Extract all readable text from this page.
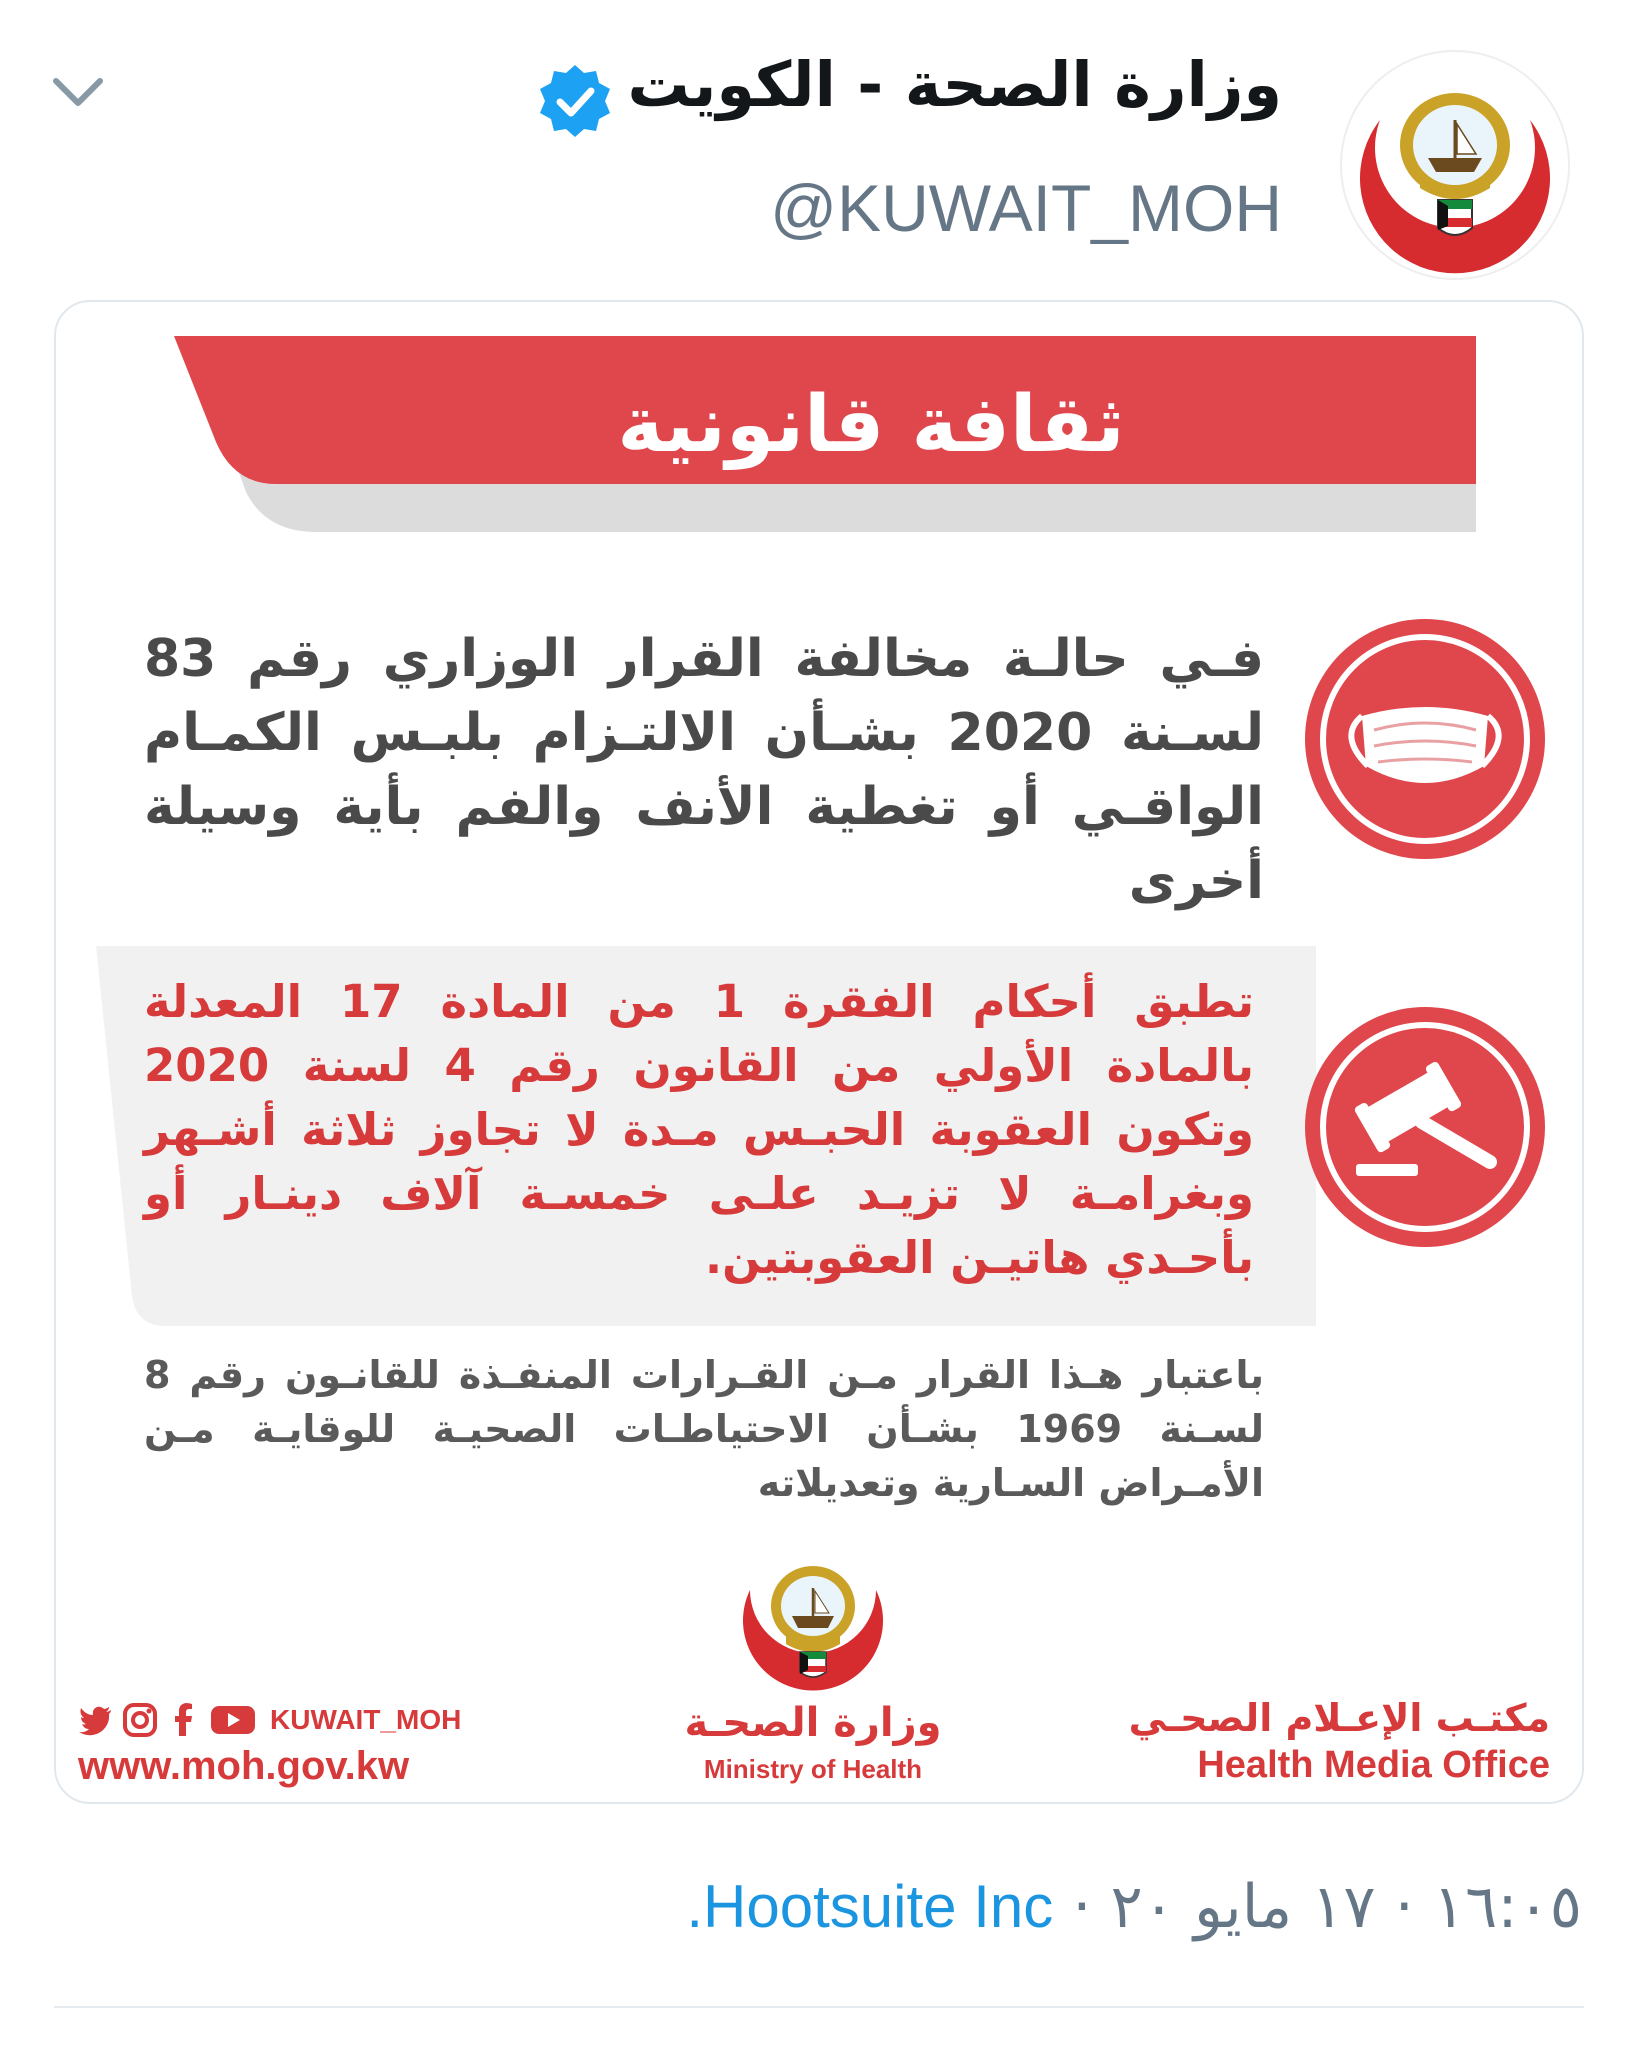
وزارة الصحة - الكويت
@KUWAIT_MOH
ثقافة قانونية
فـي حالـة مخالفة القرار الوزاري رقم 83 لسـنة 2020 بشـأن الالتـزام بلبـس الكمـام الواقـي أو تغطية الأنف والفم بأية وسيلة أخرى
تطبق أحكام الفقرة 1 من المادة 17 المعدلة بالمادة الأولي من القانون رقم 4 لسنة 2020 وتكون العقوبة الحبـس مـدة لا تجاوز ثلاثة أشـهر وبغرامـة لا تزيـد علـى خمسـة آلاف دينـار أو بأحـدي هاتيـن العقوبتين.
باعتبار هـذا القرار مـن القـرارات المنفـذة للقانـون رقم 8 لسـنة 1969 بشـأن الاحتياطـات الصحيـة للوقايـة مـن الأمـراض السـارية وتعديلاته
وزارة الصحـة
Ministry of Health
مكتـب الإعـلام الصحـي
Health Media Office
KUWAIT_MOH
www.moh.gov.kw
١٦:٠٥ · ١٧ مايو ٢٠ · Hootsuite Inc.
